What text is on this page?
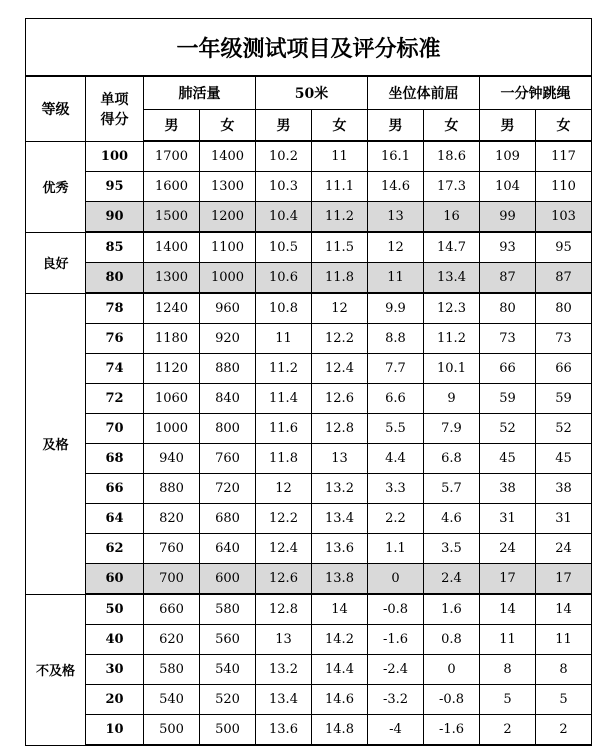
一年级测试项目及评分标准									
等级	单项得分	肺活量		50米		坐位体前屈		一分钟跳绳	
		男	女	男	女	男	女	男	女
优秀	100	1700	1400	10.2	11	16.1	18.6	109	117
	95	1600	1300	10.3	11.1	14.6	17.3	104	110
	90	1500	1200	10.4	11.2	13	16	99	103
良好	85	1400	1100	10.5	11.5	12	14.7	93	95
	80	1300	1000	10.6	11.8	11	13.4	87	87
及格	78	1240	960	10.8	12	9.9	12.3	80	80
	76	1180	920	11	12.2	8.8	11.2	73	73
	74	1120	880	11.2	12.4	7.7	10.1	66	66
	72	1060	840	11.4	12.6	6.6	9	59	59
	70	1000	800	11.6	12.8	5.5	7.9	52	52
	68	940	760	11.8	13	4.4	6.8	45	45
	66	880	720	12	13.2	3.3	5.7	38	38
	64	820	680	12.2	13.4	2.2	4.6	31	31
	62	760	640	12.4	13.6	1.1	3.5	24	24
	60	700	600	12.6	13.8	0	2.4	17	17
不及格	50	660	580	12.8	14	-0.8	1.6	14	14
	40	620	560	13	14.2	-1.6	0.8	11	11
	30	580	540	13.2	14.4	-2.4	0	8	8
	20	540	520	13.4	14.6	-3.2	-0.8	5	5
	10	500	500	13.6	14.8	-4	-1.6	2	2
